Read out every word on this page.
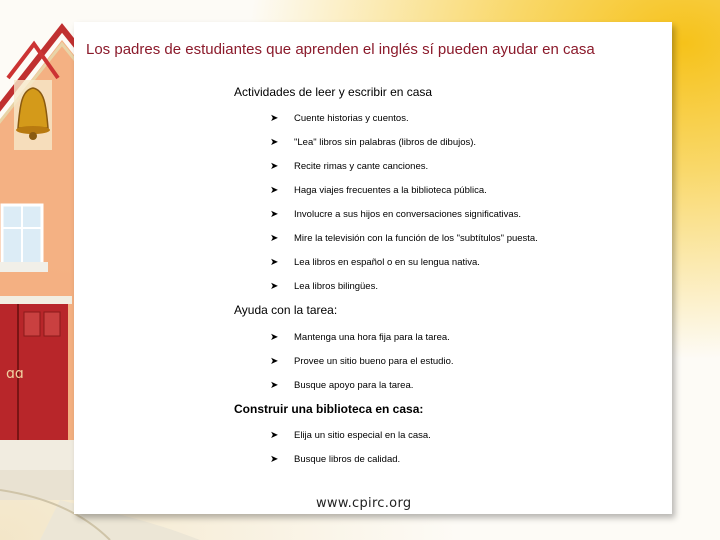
ɑɑ
Los padres de estudiantes que aprenden el inglés sí pueden ayudar en casa
Actividades de leer y escribir en casa
➤	Cuente historias y cuentos.
➤	"Lea" libros sin palabras (libros de dibujos).
➤	Recite rimas y cante canciones.
➤	Haga viajes frecuentes a la biblioteca pública.
➤	Involucre a sus hijos en conversaciones significativas.
➤	Mire la televisión con la función de los "subtítulos" puesta.
➤	Lea libros en español o en su lengua nativa.
➤	Lea libros bilingües.
Ayuda con la tarea:
➤	Mantenga una hora fija para la tarea.
➤	Provee un sitio bueno para el estudio.
➤	Busque apoyo para la tarea.
Construir una biblioteca en casa:
➤	Elija un sitio especial en la casa.
➤	Busque libros de calidad.
www.cpirc.org
